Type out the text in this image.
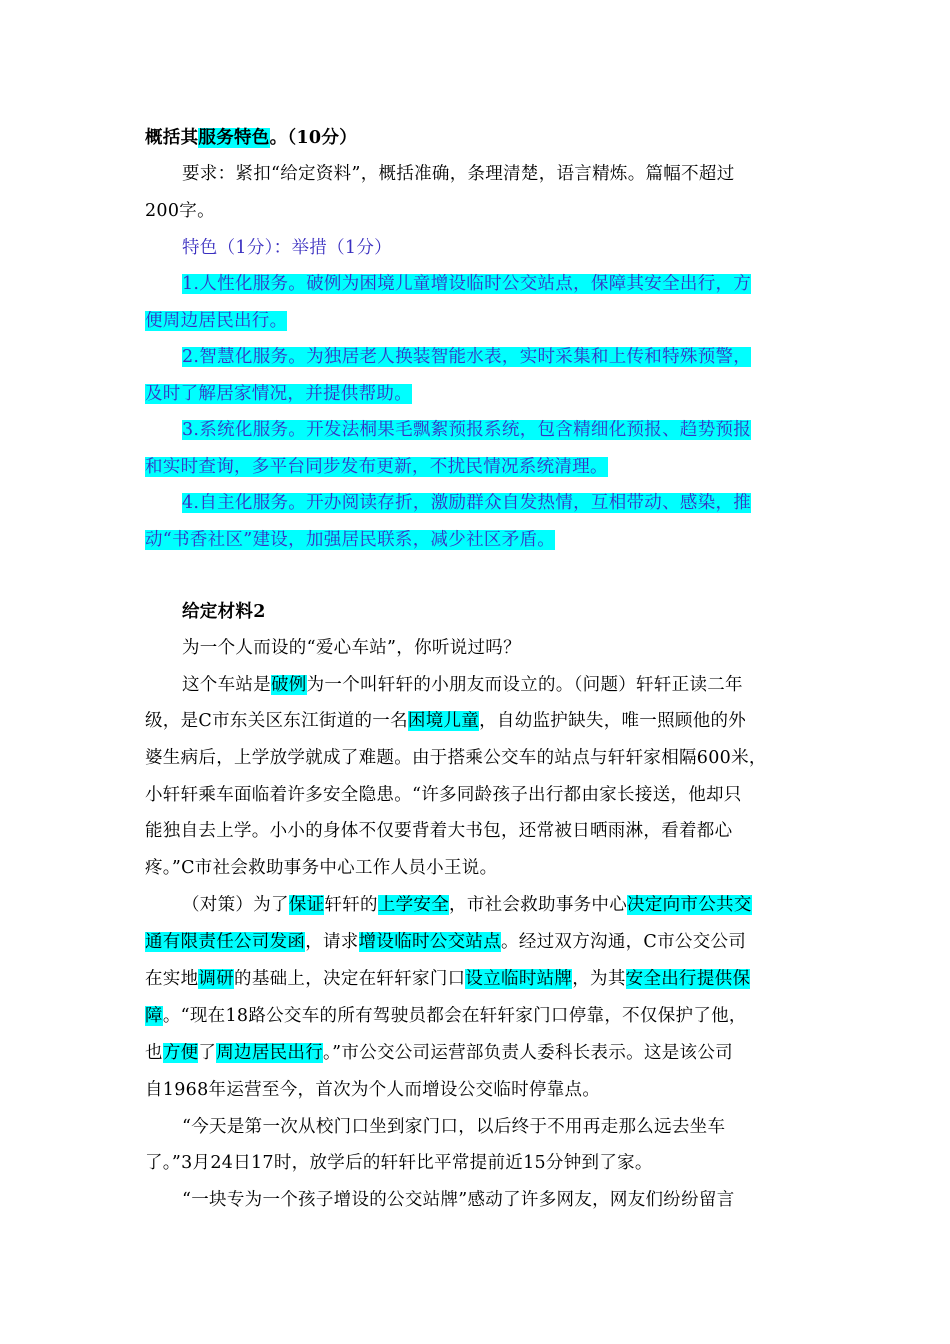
概括其服务特色。（10分）
要求：紧扣“给定资料”，概括准确，条理清楚，语言精炼。篇幅不超过
200字。
特色（1分）：举措（1分）
1.人性化服务。破例为困境儿童增设临时公交站点，保障其安全出行，方
便周边居民出行。
2.智慧化服务。为独居老人换装智能水表，实时采集和上传和特殊预警，
及时了解居家情况，并提供帮助。
3.系统化服务。开发法桐果毛飘絮预报系统，包含精细化预报、趋势预报
和实时查询，多平台同步发布更新，不扰民情况系统清理。
4.自主化服务。开办阅读存折，激励群众自发热情，互相带动、感染，推
动“书香社区”建设，加强居民联系，减少社区矛盾。
给定材料2
为一个人而设的“爱心车站”，你听说过吗？
这个车站是破例为一个叫轩轩的小朋友而设立的。（问题）轩轩正读二年
级，是C市东关区东江街道的一名困境儿童，自幼监护缺失，唯一照顾他的外
婆生病后，上学放学就成了难题。由于搭乘公交车的站点与轩轩家相隔600米，
小轩轩乘车面临着许多安全隐患。“许多同龄孩子出行都由家长接送，他却只
能独自去上学。小小的身体不仅要背着大书包，还常被日晒雨淋，看着都心
疼。”C市社会救助事务中心工作人员小王说。
（对策）为了保证轩轩的上学安全，市社会救助事务中心决定向市公共交
通有限责任公司发函，请求增设临时公交站点。经过双方沟通，C市公交公司
在实地调研的基础上，决定在轩轩家门口设立临时站牌，为其安全出行提供保
障。“现在18路公交车的所有驾驶员都会在轩轩家门口停靠，不仅保护了他，
也方便了周边居民出行。”市公交公司运营部负责人委科长表示。这是该公司
自1968年运营至今，首次为个人而增设公交临时停靠点。
“今天是第一次从校门口坐到家门口，以后终于不用再走那么远去坐车
了。”3月24日17时，放学后的轩轩比平常提前近15分钟到了家。
“一块专为一个孩子增设的公交站牌”感动了许多网友，网友们纷纷留言
